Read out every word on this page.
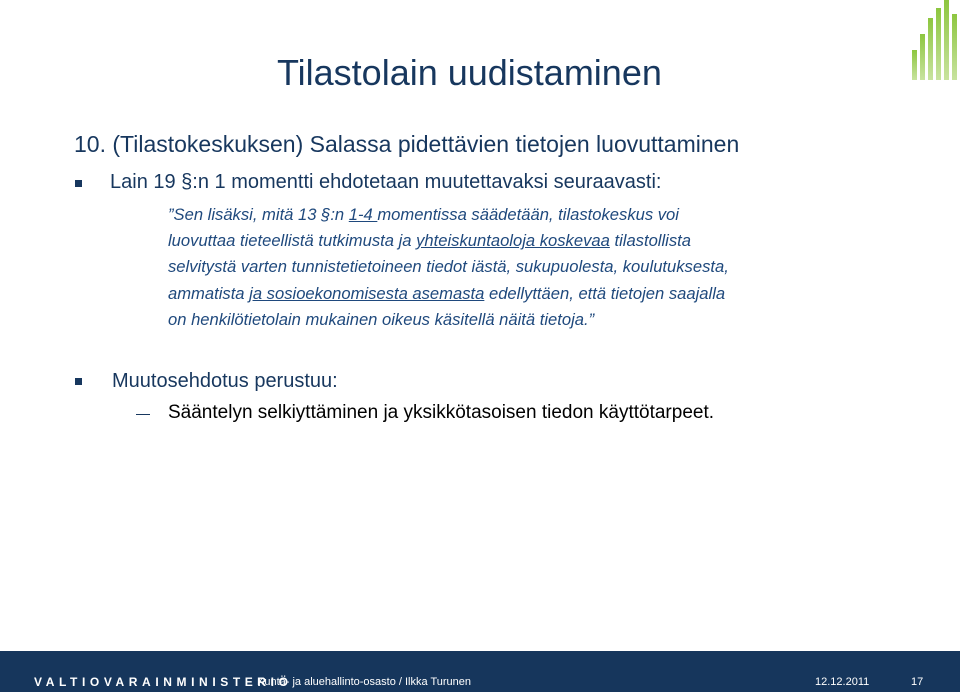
Tilastolain uudistaminen
10. (Tilastokeskuksen) Salassa pidettävien tietojen luovuttaminen
Lain 19 §:n 1 momentti ehdotetaan muutettavaksi seuraavasti:
”Sen lisäksi, mitä 13 §:n 1-4 momentissa säädetään, tilastokeskus voi
luovuttaa tieteellistä tutkimusta ja yhteiskuntaoloja koskevaa tilastollista
selvitystä varten tunnistetietoineen tiedot iästä, sukupuolesta, koulutuksesta,
ammatista ja sosioekonomisesta asemasta edellyttäen, että tietojen saajalla
on henkilötietolain mukainen oikeus käsitellä näitä tietoja.”
Muutosehdotus perustuu:
Sääntelyn selkiyttäminen ja yksikkötasoisen tiedon käyttötarpeet.
VALTIOVARAINMINISTERIÖ
Kunta- ja aluehallinto-osasto / Ilkka Turunen	12.12.2011	17
